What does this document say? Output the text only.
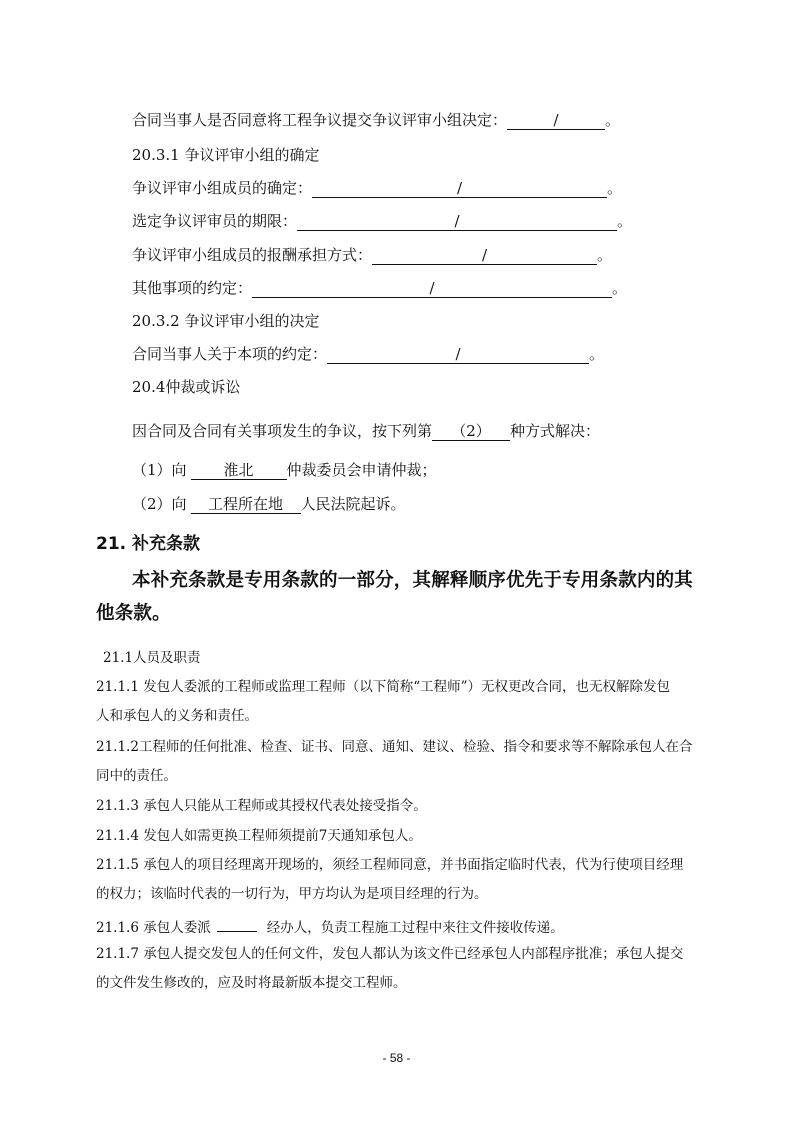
合同当事人是否同意将工程争议提交争议评审小组决定：	/	。
20.3.1 争议评审小组的确定
争议评审小组成员的确定：	/	。
选定争议评审员的期限：	/	。
争议评审小组成员的报酬承担方式：	/	。
其他事项的约定：	/	。
20.3.2 争议评审小组的决定
合同当事人关于本项的约定：	/	。
20.4仲裁或诉讼
因合同及合同有关事项发生的争议，按下列第 （2） 种方式解决：
（1）向 淮北 仲裁委员会申请仲裁；
（2）向 工程所在地 人民法院起诉。
21. 补充条款
本补充条款是专用条款的一部分，其解释顺序优先于专用条款内的其
他条款。
21.1人员及职责
21.1.1 发包人委派的工程师或监理工程师（以下简称“工程师”）无权更改合同，也无权解除发包
人和承包人的义务和责任。
21.1.2工程师的任何批准、检查、证书、同意、通知、建议、检验、指令和要求等不解除承包人在合
同中的责任。
21.1.3 承包人只能从工程师或其授权代表处接受指令。
21.1.4 发包人如需更换工程师须提前7天通知承包人。
21.1.5 承包人的项目经理离开现场的，须经工程师同意，并书面指定临时代表，代为行使项目经理
的权力；该临时代表的一切行为，甲方均认为是项目经理的行为。
21.1.6 承包人委派	经办人，负责工程施工过程中来往文件接收传递。
21.1.7 承包人提交发包人的任何文件，发包人都认为该文件已经承包人内部程序批准；承包人提交
的文件发生修改的，应及时将最新版本提交工程师。
- 58 -
